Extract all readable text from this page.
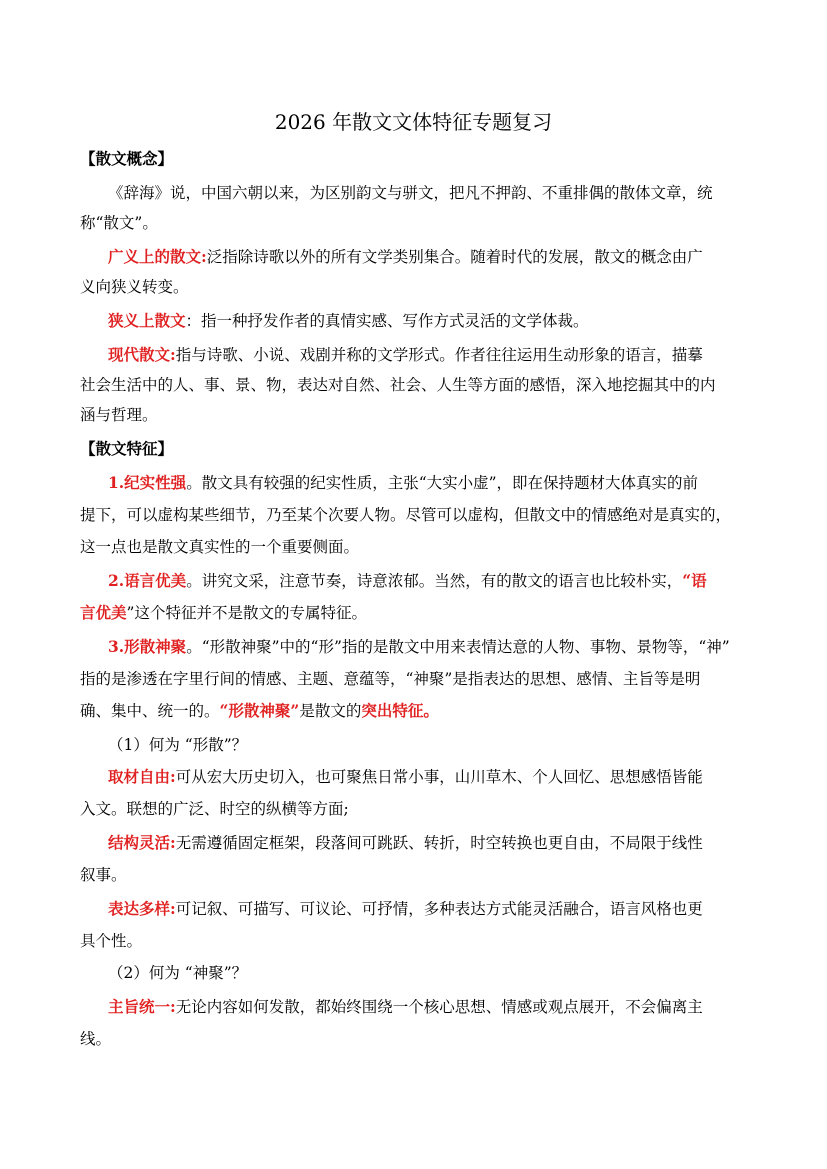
2026 年散文文体特征专题复习
【散文概念】
《辞海》说，中国六朝以来，为区别韵文与骈文，把凡不押韵、不重排偶的散体文章，统
称“散文”。
广义上的散文:泛指除诗歌以外的所有文学类别集合。随着时代的发展，散文的概念由广
义向狭义转变。
狭义上散文：指一种抒发作者的真情实感、写作方式灵活的文学体裁。
现代散文:指与诗歌、小说、戏剧并称的文学形式。作者往往运用生动形象的语言，描摹
社会生活中的人、事、景、物，表达对自然、社会、人生等方面的感悟，深入地挖掘其中的内
涵与哲理。
【散文特征】
1.纪实性强。散文具有较强的纪实性质，主张“大实小虚”，即在保持题材大体真实的前
提下，可以虚构某些细节，乃至某个次要人物。尽管可以虚构，但散文中的情感绝对是真实的，
这一点也是散文真实性的一个重要侧面。
2.语言优美。讲究文采，注意节奏，诗意浓郁。当然，有的散文的语言也比较朴实，“语
言优美”这个特征并不是散文的专属特征。
3.形散神聚。“形散神聚”中的“形”指的是散文中用来表情达意的人物、事物、景物等，“神”
指的是渗透在字里行间的情感、主题、意蕴等，“神聚”是指表达的思想、感情、主旨等是明
确、集中、统一的。“形散神聚”是散文的突出特征。
（1）何为 “形散”？
取材自由:可从宏大历史切入，也可聚焦日常小事，山川草木、个人回忆、思想感悟皆能
入文。联想的广泛、时空的纵横等方面;
结构灵活:无需遵循固定框架，段落间可跳跃、转折，时空转换也更自由，不局限于线性
叙事。
表达多样:可记叙、可描写、可议论、可抒情，多种表达方式能灵活融合，语言风格也更
具个性。
（2）何为 “神聚”？
主旨统一:无论内容如何发散，都始终围绕一个核心思想、情感或观点展开，不会偏离主
线。
